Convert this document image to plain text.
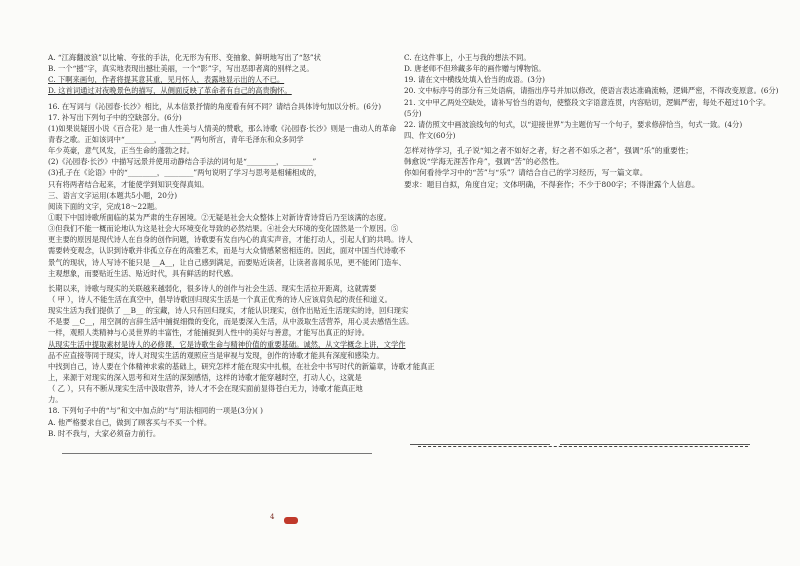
A. “江海翻波浪”以比喻、夸张的手法，化无形为有形、变抽象、鲜明地写出了“怒”状
B. 一个“撼”字，真实地表现出撼壮美丽，一个“影”字，写出恶即者离的别样之灵。
C. 下啊来画句，作者将提其意其重，见月怀人，表露地显示出的人不已。
D. 这首词通过对夜晚景色的描写，从侧面反映了革命者有自己的高贵胸怀。
16. 在写词与《沁园春·长沙》相比，从本信景抒情的角度看有何不同？请结合具体诗句加以分析。(6分)
17. 补写出下列句子中的空缺部分。(6分)
(1)如果说疑因小说《百合花》是一曲人性美与人情美的赞歌，那么诗歌《沁园春·长沙》则是一曲动人的革命
青春之歌。正如该词中“________，________”两句所言，青年毛泽东和众多同学
年少英豪，意气风发，正当生命的蓬勃之时。
(2)《沁园春·长沙》中描写远景并使用动静结合手法的词句是“________，________”
(3)孔子在《论语》中的“________，________”两句说明了学习与思考是相辅相成的，
只有将两者结合起来，才能使学到知识变得真知。
三、语言文字运用(本题共5小题，20分)
阅读下面的文字，完成18～22题。
①眼下中国诗歌所面临的某为严肃的生存困境。②无疑是社会大众整体上对新诗背诗背后乃至该满的态度。
③但我们不能一概而论地认为这是社会大环境变化导致的必然结果。④社会大环境的变化固然是一个原因。⑤
更主要的原因是现代诗人在自身的创作问题，诗歌要有发自内心的真实声音，才能打动人，引起人们的共鸣。诗人
需要转变观念，认识到诗歌并非孤立存在的高雅艺术，而是与大众情感紧密相连的。因此，面对中国当代诗歌不
景气的现状，诗人写诗不能只是 __A__，让自己感到满足，而要贴近读者，让读者喜闻乐见，更不能闭门造车、
主观想象，而要贴近生活、贴近时代，具有鲜活的时代感。
长期以来，诗歌与现实的关联越来越弱化，很多诗人的创作与社会生活、现实生活拉开距离，这就需要
（ 甲 ），诗人不能生活在真空中，倡导诗歌回归现实生活是一个真正优秀的诗人应该肩负起的责任和道义。
现实生活为我们提供了 __B__ 的宝藏，诗人只有回归现实，才能认识现实，创作出贴近生活现实的诗，回归现实
不是要 __C__，用空洞的言辞生活中捕捉细微的变化，而是要深入生活，从中汲取生活营养，用心灵去感悟生活。
一样，观照人类精神与心灵世界的丰富性，才能捕捉到人性中的美好与善意，才能写出真正的好诗。
从现实生活中提取素材是诗人的必修课，它是诗歌生命与精神价值的重要基础。诚然，从文学概念上讲，文学作
品不应直接等同于现实，诗人对现实生活的观照应当是审视与发现，创作的诗歌才能具有深度和感染力。
中找到自己，诗人要在个体精神求索的基础上，研究怎样才能在现实中扎根，在社会中书写时代的新篇章，诗歌才能真正
上，来源于对现实的深入思考和对生活的深刻感悟，这样的诗歌才能穿越时空，打动人心，这就是
（ 乙 ），只有不断从现实生活中汲取营养，诗人才不会在现实面前显得苍白无力，诗歌才能真正地
力。
18. 下列句子中的“与”和文中加点的“与”用法相同的一项是(3分)( )
A. 他严格要求自己，做到了顾客买与不买一个样。
B. 时不我与，大家必须奋力前行。
C. 在这件事上，小王与我的想法不同。
D. 唐老师不但珍藏多年的画作赠与博物馆。
19. 请在文中横线处填入恰当的成语。(3分)
20. 文中标序号的部分有三处语病，请指出序号并加以修改，使语言表达准确流畅，逻辑严密，不得改变原意。(6分)
21. 文中甲乙两处空缺处，请补写恰当的语句，使整段文字语意连贯，内容贴切，逻辑严密，每处不超过10个字。
(5分)
22. 请仿照文中画波浪线句的句式，以“迎接世界”为主题仿写一个句子，要求修辞恰当，句式一致。(4分)
四、作文(60分)
怎样对待学习，孔子说“知之者不如好之者，好之者不如乐之者”，强调“乐”的重要性；
韩愈说“学海无涯苦作舟”，强调“苦”的必然性。
你如何看待学习中的“苦”与“乐”？请结合自己的学习经历，写一篇文章。
要求：题目自拟，角度自定；文体明确，不得套作；不少于800字；不得泄露个人信息。
4
